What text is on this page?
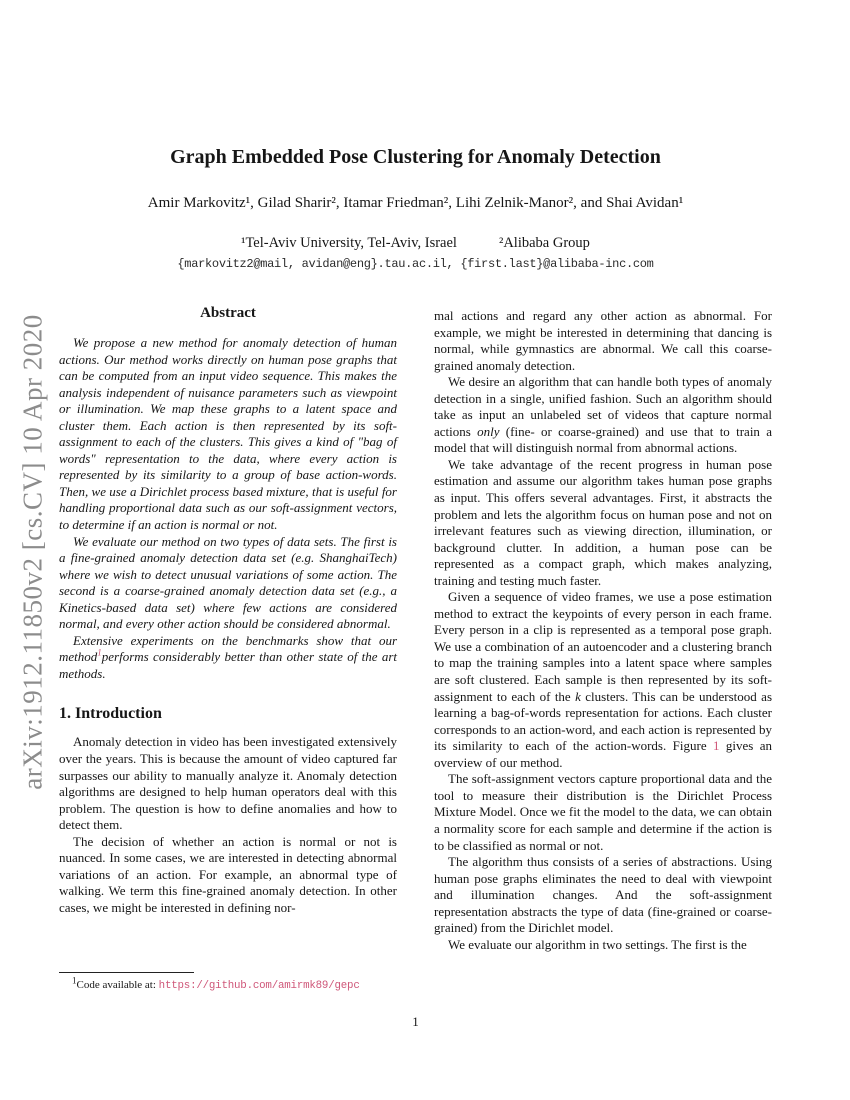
arXiv:1912.11850v2 [cs.CV] 10 Apr 2020
Graph Embedded Pose Clustering for Anomaly Detection
Amir Markovitz¹, Gilad Sharir², Itamar Friedman², Lihi Zelnik-Manor², and Shai Avidan¹
¹Tel-Aviv University, Tel-Aviv, Israel	²Alibaba Group
{markovitz2@mail, avidan@eng}.tau.ac.il, {first.last}@alibaba-inc.com
Abstract

We propose a new method for anomaly detection of human actions. Our method works directly on human pose graphs that can be computed from an input video sequence. This makes the analysis independent of nuisance parameters such as viewpoint or illumination. We map these graphs to a latent space and cluster them. Each action is then represented by its soft-assignment to each of the clusters. This gives a kind of "bag of words" representation to the data, where every action is represented by its similarity to a group of base action-words. Then, we use a Dirichlet process based mixture, that is useful for handling proportional data such as our soft-assignment vectors, to determine if an action is normal or not.

We evaluate our method on two types of data sets. The first is a fine-grained anomaly detection data set (e.g. ShanghaiTech) where we wish to detect unusual variations of some action. The second is a coarse-grained anomaly detection data set (e.g., a Kinetics-based data set) where few actions are considered normal, and every other action should be considered abnormal.

Extensive experiments on the benchmarks show that our method$^1$performs considerably better than other state of the art methods.

1. Introduction

Anomaly detection in video has been investigated extensively over the years. This is because the amount of video captured far surpasses our ability to manually analyze it. Anomaly detection algorithms are designed to help human operators deal with this problem. The question is how to define anomalies and how to detect them.

The decision of whether an action is normal or not is nuanced. In some cases, we are interested in detecting abnormal variations of an action. For example, an abnormal type of walking. We term this fine-grained anomaly detection. In other cases, we might be interested in defining nor-

$^1$Code available at: https://github.com/amirmk89/gepc

mal actions and regard any other action as abnormal. For example, we might be interested in determining that dancing is normal, while gymnastics are abnormal. We call this coarse-grained anomaly detection.

We desire an algorithm that can handle both types of anomaly detection in a single, unified fashion. Such an algorithm should take as input an unlabeled set of videos that capture normal actions only (fine- or coarse-grained) and use that to train a model that will distinguish normal from abnormal actions.

We take advantage of the recent progress in human pose estimation and assume our algorithm takes human pose graphs as input. This offers several advantages. First, it abstracts the problem and lets the algorithm focus on human pose and not on irrelevant features such as viewing direction, illumination, or background clutter. In addition, a human pose can be represented as a compact graph, which makes analyzing, training and testing much faster.

Given a sequence of video frames, we use a pose estimation method to extract the keypoints of every person in each frame. Every person in a clip is represented as a temporal pose graph. We use a combination of an autoencoder and a clustering branch to map the training samples into a latent space where samples are soft clustered. Each sample is then represented by its soft-assignment to each of the k clusters. This can be understood as learning a bag-of-words representation for actions. Each cluster corresponds to an action-word, and each action is represented by its similarity to each of the action-words. Figure 1 gives an overview of our method.

The soft-assignment vectors capture proportional data and the tool to measure their distribution is the Dirichlet Process Mixture Model. Once we fit the model to the data, we can obtain a normality score for each sample and determine if the action is to be classified as normal or not.

The algorithm thus consists of a series of abstractions. Using human pose graphs eliminates the need to deal with viewpoint and illumination changes. And the soft-assignment representation abstracts the type of data (fine-grained or coarse-grained) from the Dirichlet model.

We evaluate our algorithm in two settings. The first is the

1
